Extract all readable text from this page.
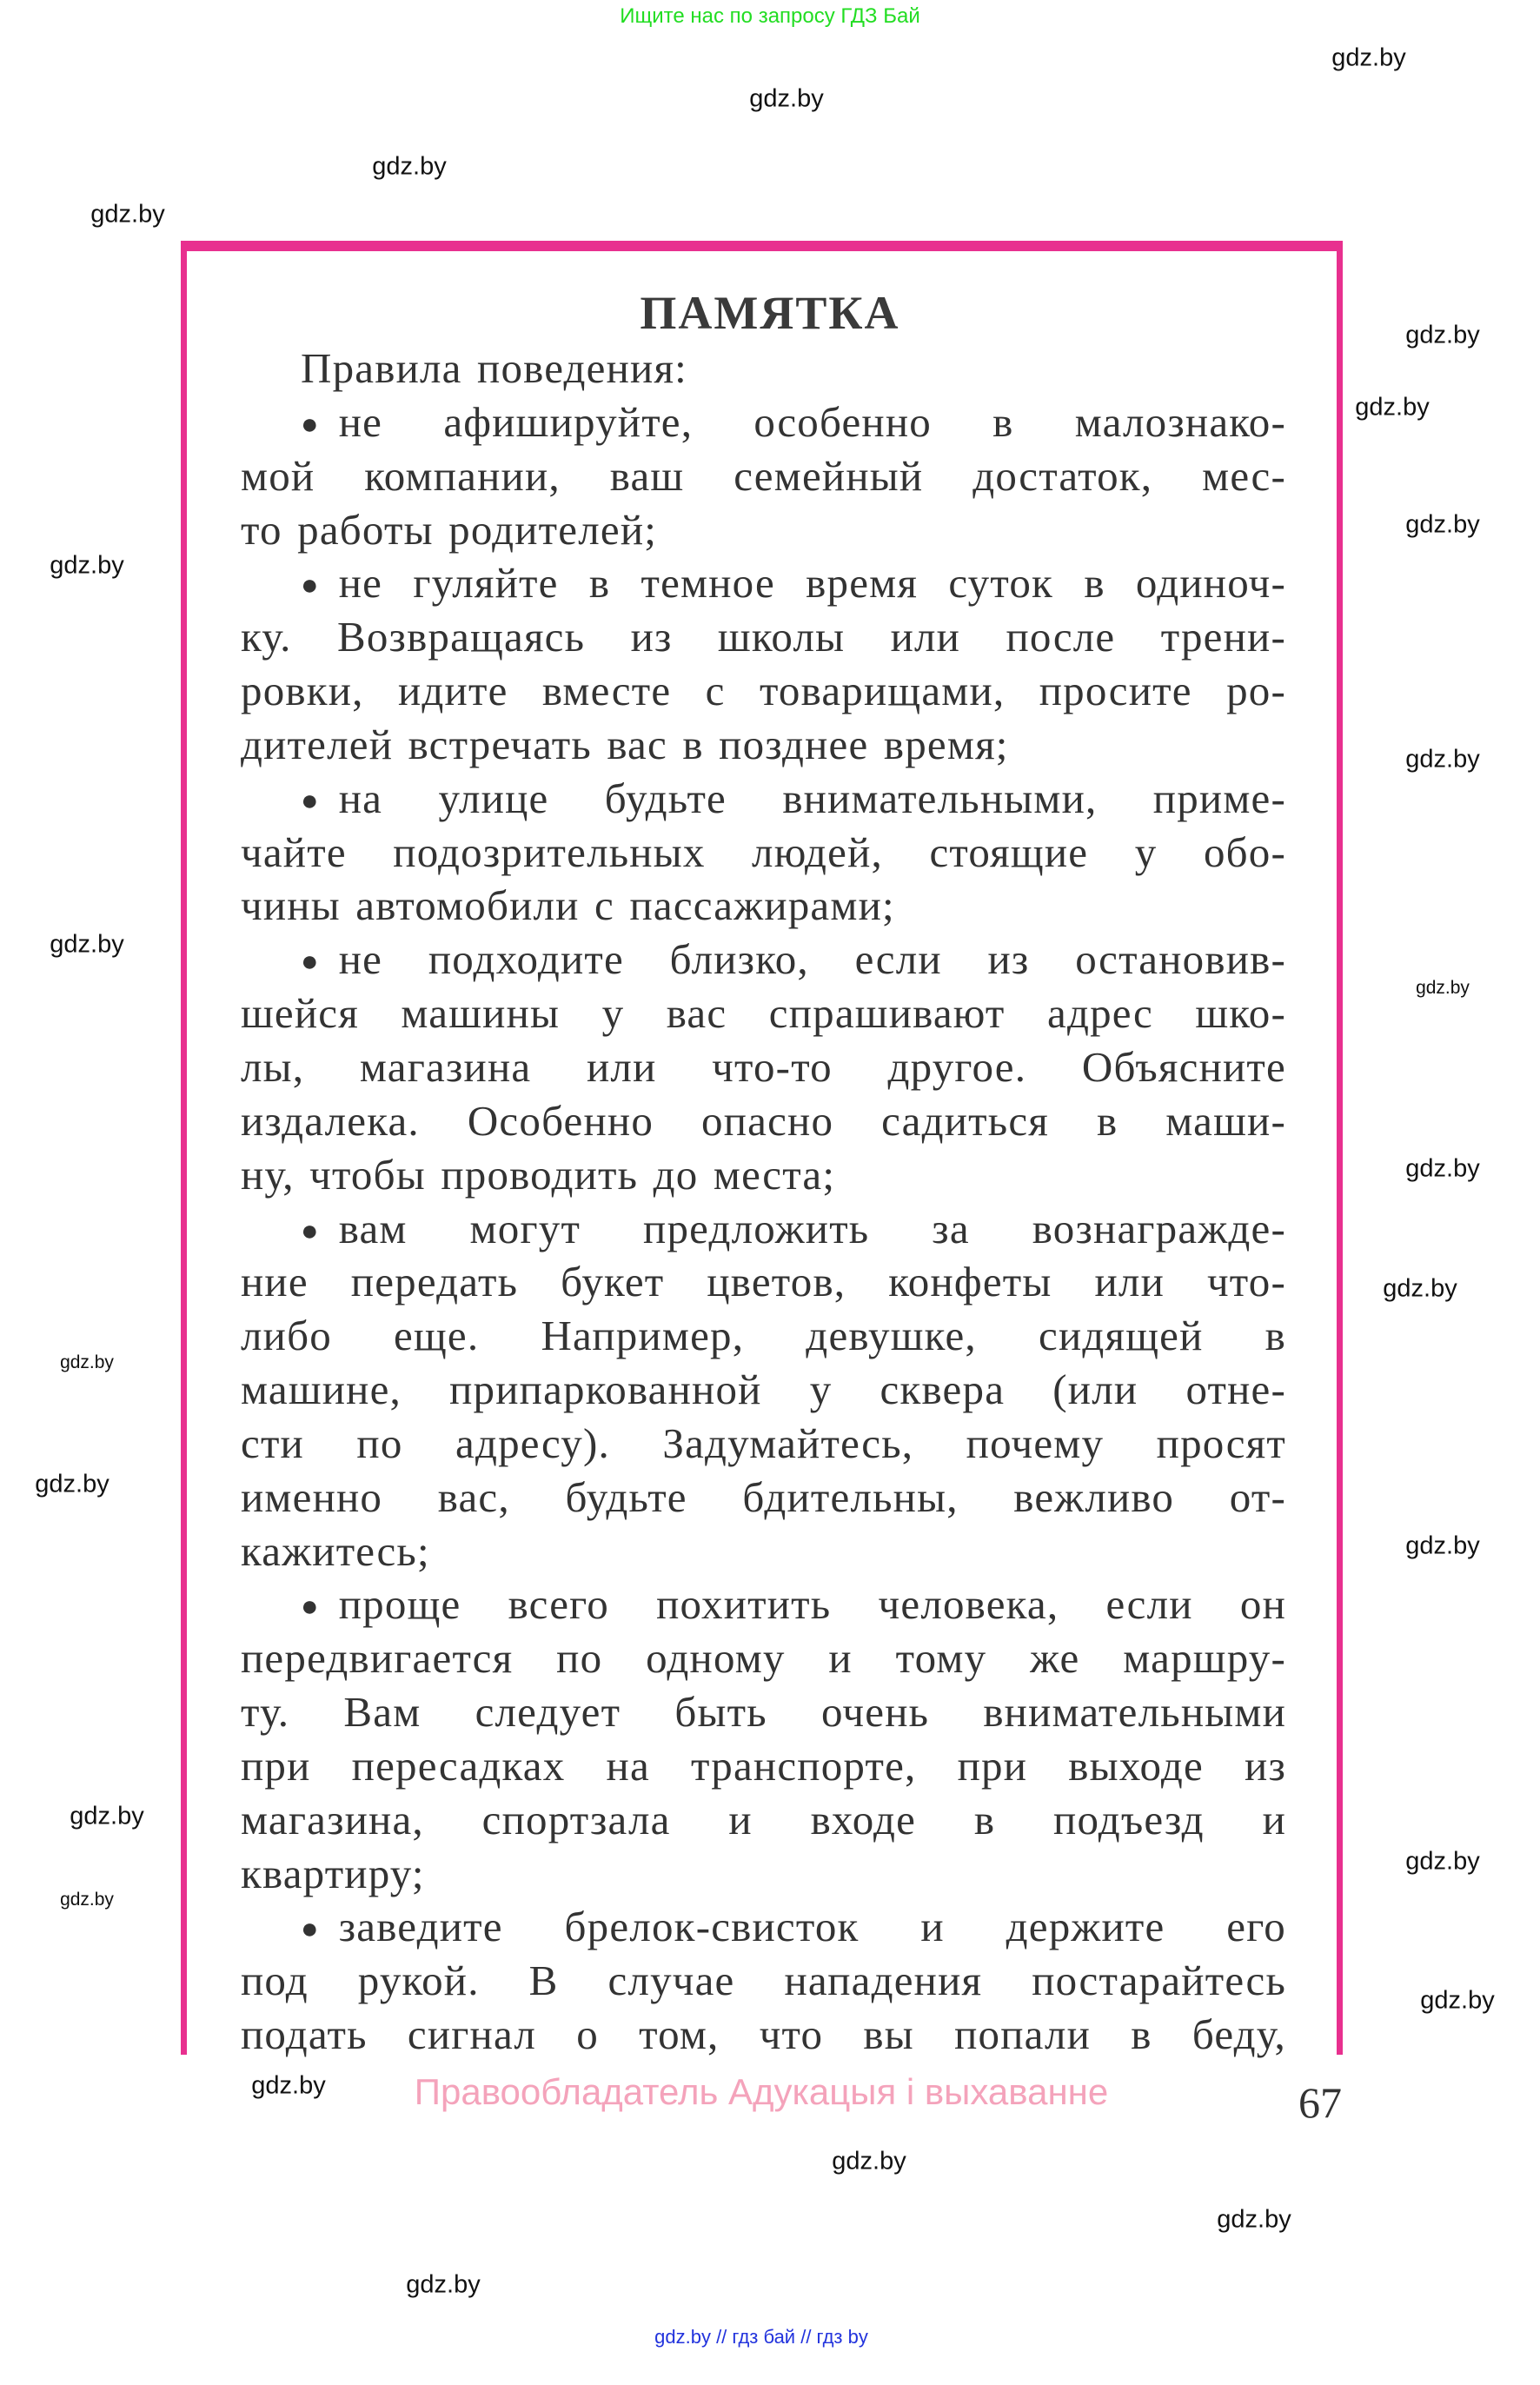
Ищите нас по запросу ГДЗ Бай
ПАМЯТКА
Правила поведения:
● не афишируйте, особенно в малознако-
мой компании, ваш семейный достаток, мес-
то работы родителей;
● не гуляйте в темное время суток в одиноч-
ку. Возвращаясь из школы или после трени-
ровки, идите вместе с товарищами, просите ро-
дителей встречать вас в позднее время;
● на улице будьте внимательными, приме-
чайте подозрительных людей, стоящие у обо-
чины автомобили с пассажирами;
● не подходите близко, если из остановив-
шейся машины у вас спрашивают адрес шко-
лы, магазина или что-то другое. Объясните
издалека. Особенно опасно садиться в маши-
ну, чтобы проводить до места;
● вам могут предложить за вознагражде-
ние передать букет цветов, конфеты или что-
либо еще. Например, девушке, сидящей в
машине, припаркованной у сквера (или отне-
сти по адресу). Задумайтесь, почему просят
именно вас, будьте бдительны, вежливо от-
кажитесь;
● проще всего похитить человека, если он
передвигается по одному и тому же маршру-
ту. Вам следует быть очень внимательными
при пересадках на транспорте, при выходе из
магазина, спортзала и входе в подъезд и
квартиру;
● заведите брелок-свисток и держите его
под рукой. В случае нападения постарайтесь
подать сигнал о том, что вы попали в беду,
Правообладатель Адукацыя і выхаванне	67
gdz.by // гдз бай // гдз by
gdz.by
gdz.by
gdz.by
gdz.by
gdz.by
gdz.by
gdz.by
gdz.by
gdz.by
gdz.by
gdz.by
gdz.by
gdz.by
gdz.by
gdz.by
gdz.by
gdz.by
gdz.by
gdz.by
gdz.by
gdz.by
gdz.by
gdz.by
gdz.by
